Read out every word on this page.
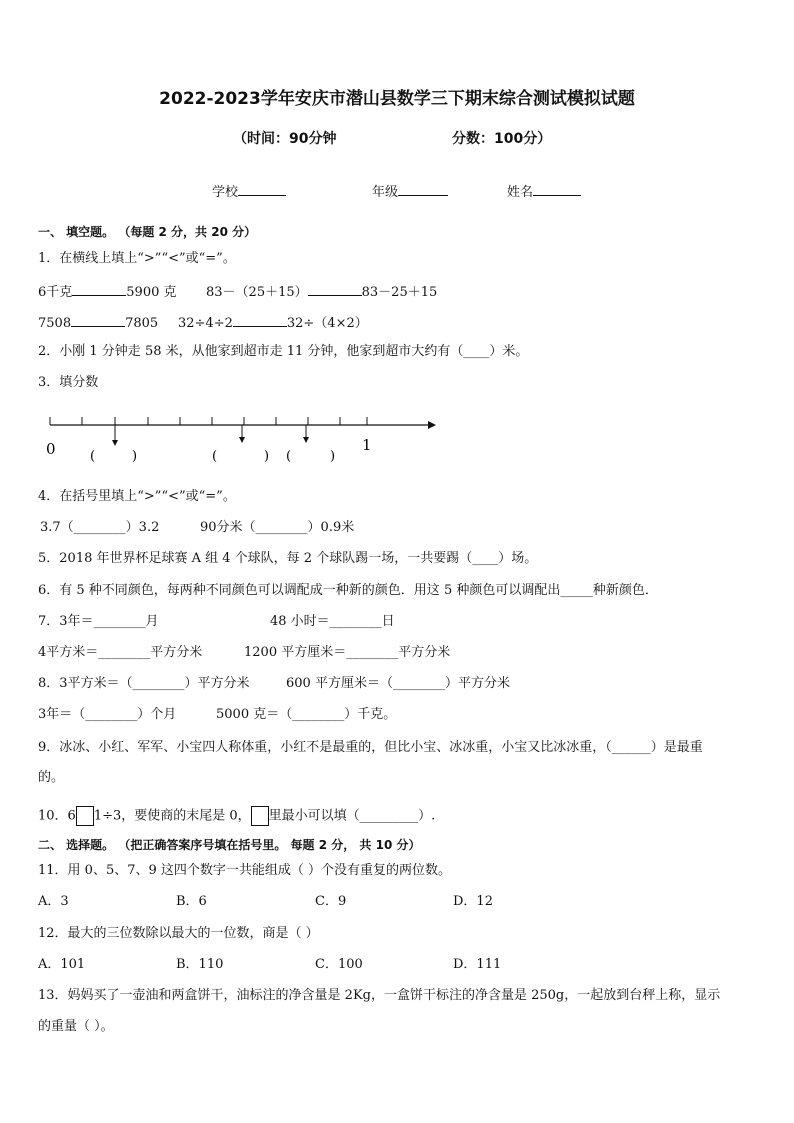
2022-2023学年安庆市潜山县数学三下期末综合测试模拟试题
（时间：90分钟	分数：100分）
学校	年级	姓名
一、 填空题。 （每题 2 分，共 20 分）
1．在横线上填上“>”“<”或“=”。
6千克	5900 克 83－（25＋15）	83－25＋15
7508	7805 32÷4÷2	32÷（4×2）
2．小刚 1 分钟走 58 米，从他家到超市走 11 分钟，他家到超市大约有（____）米。
3．填分数
0	1
(	)	(	) (	)
4．在括号里填上“>”“<”或“=”。
3.7（________）3.2	90分米（________）0.9米
5．2018 年世界杯足球赛 A 组 4 个球队，每 2 个球队踢一场，一共要踢（____）场。
6．有 5 种不同颜色，每两种不同颜色可以调配成一种新的颜色．用这 5 种颜色可以调配出_____种新颜色．
7．3年＝________月	48 小时＝________日
4平方米＝________平方分米	1200 平方厘米＝________平方分米
8．3平方米＝（________）平方分米	600 平方厘米＝（________）平方分米
3年＝（________）个月	5000 克＝（________）千克。
9．冰冰、小红、军军、小宝四人称体重，小红不是最重的，但比小宝、冰冰重，小宝又比冰冰重，（______）是最重
的。
10．6 1÷3，要使商的末尾是 0， 里最小可以填（_________）.
二、 选择题。 （把正确答案序号填在括号里。 每题 2 分， 共 10 分）
11．用 0、5、7、9 这四个数字一共能组成（ ）个没有重复的两位数。
A．3	B．6	C．9	D．12
12．最大的三位数除以最大的一位数，商是（ ）
A．101	B．110	C．100	D．111
13．妈妈买了一壶油和两盒饼干，油标注的净含量是 2Kg，一盒饼干标注的净含量是 250g，一起放到台秤上称，显示
的重量（ ）。
